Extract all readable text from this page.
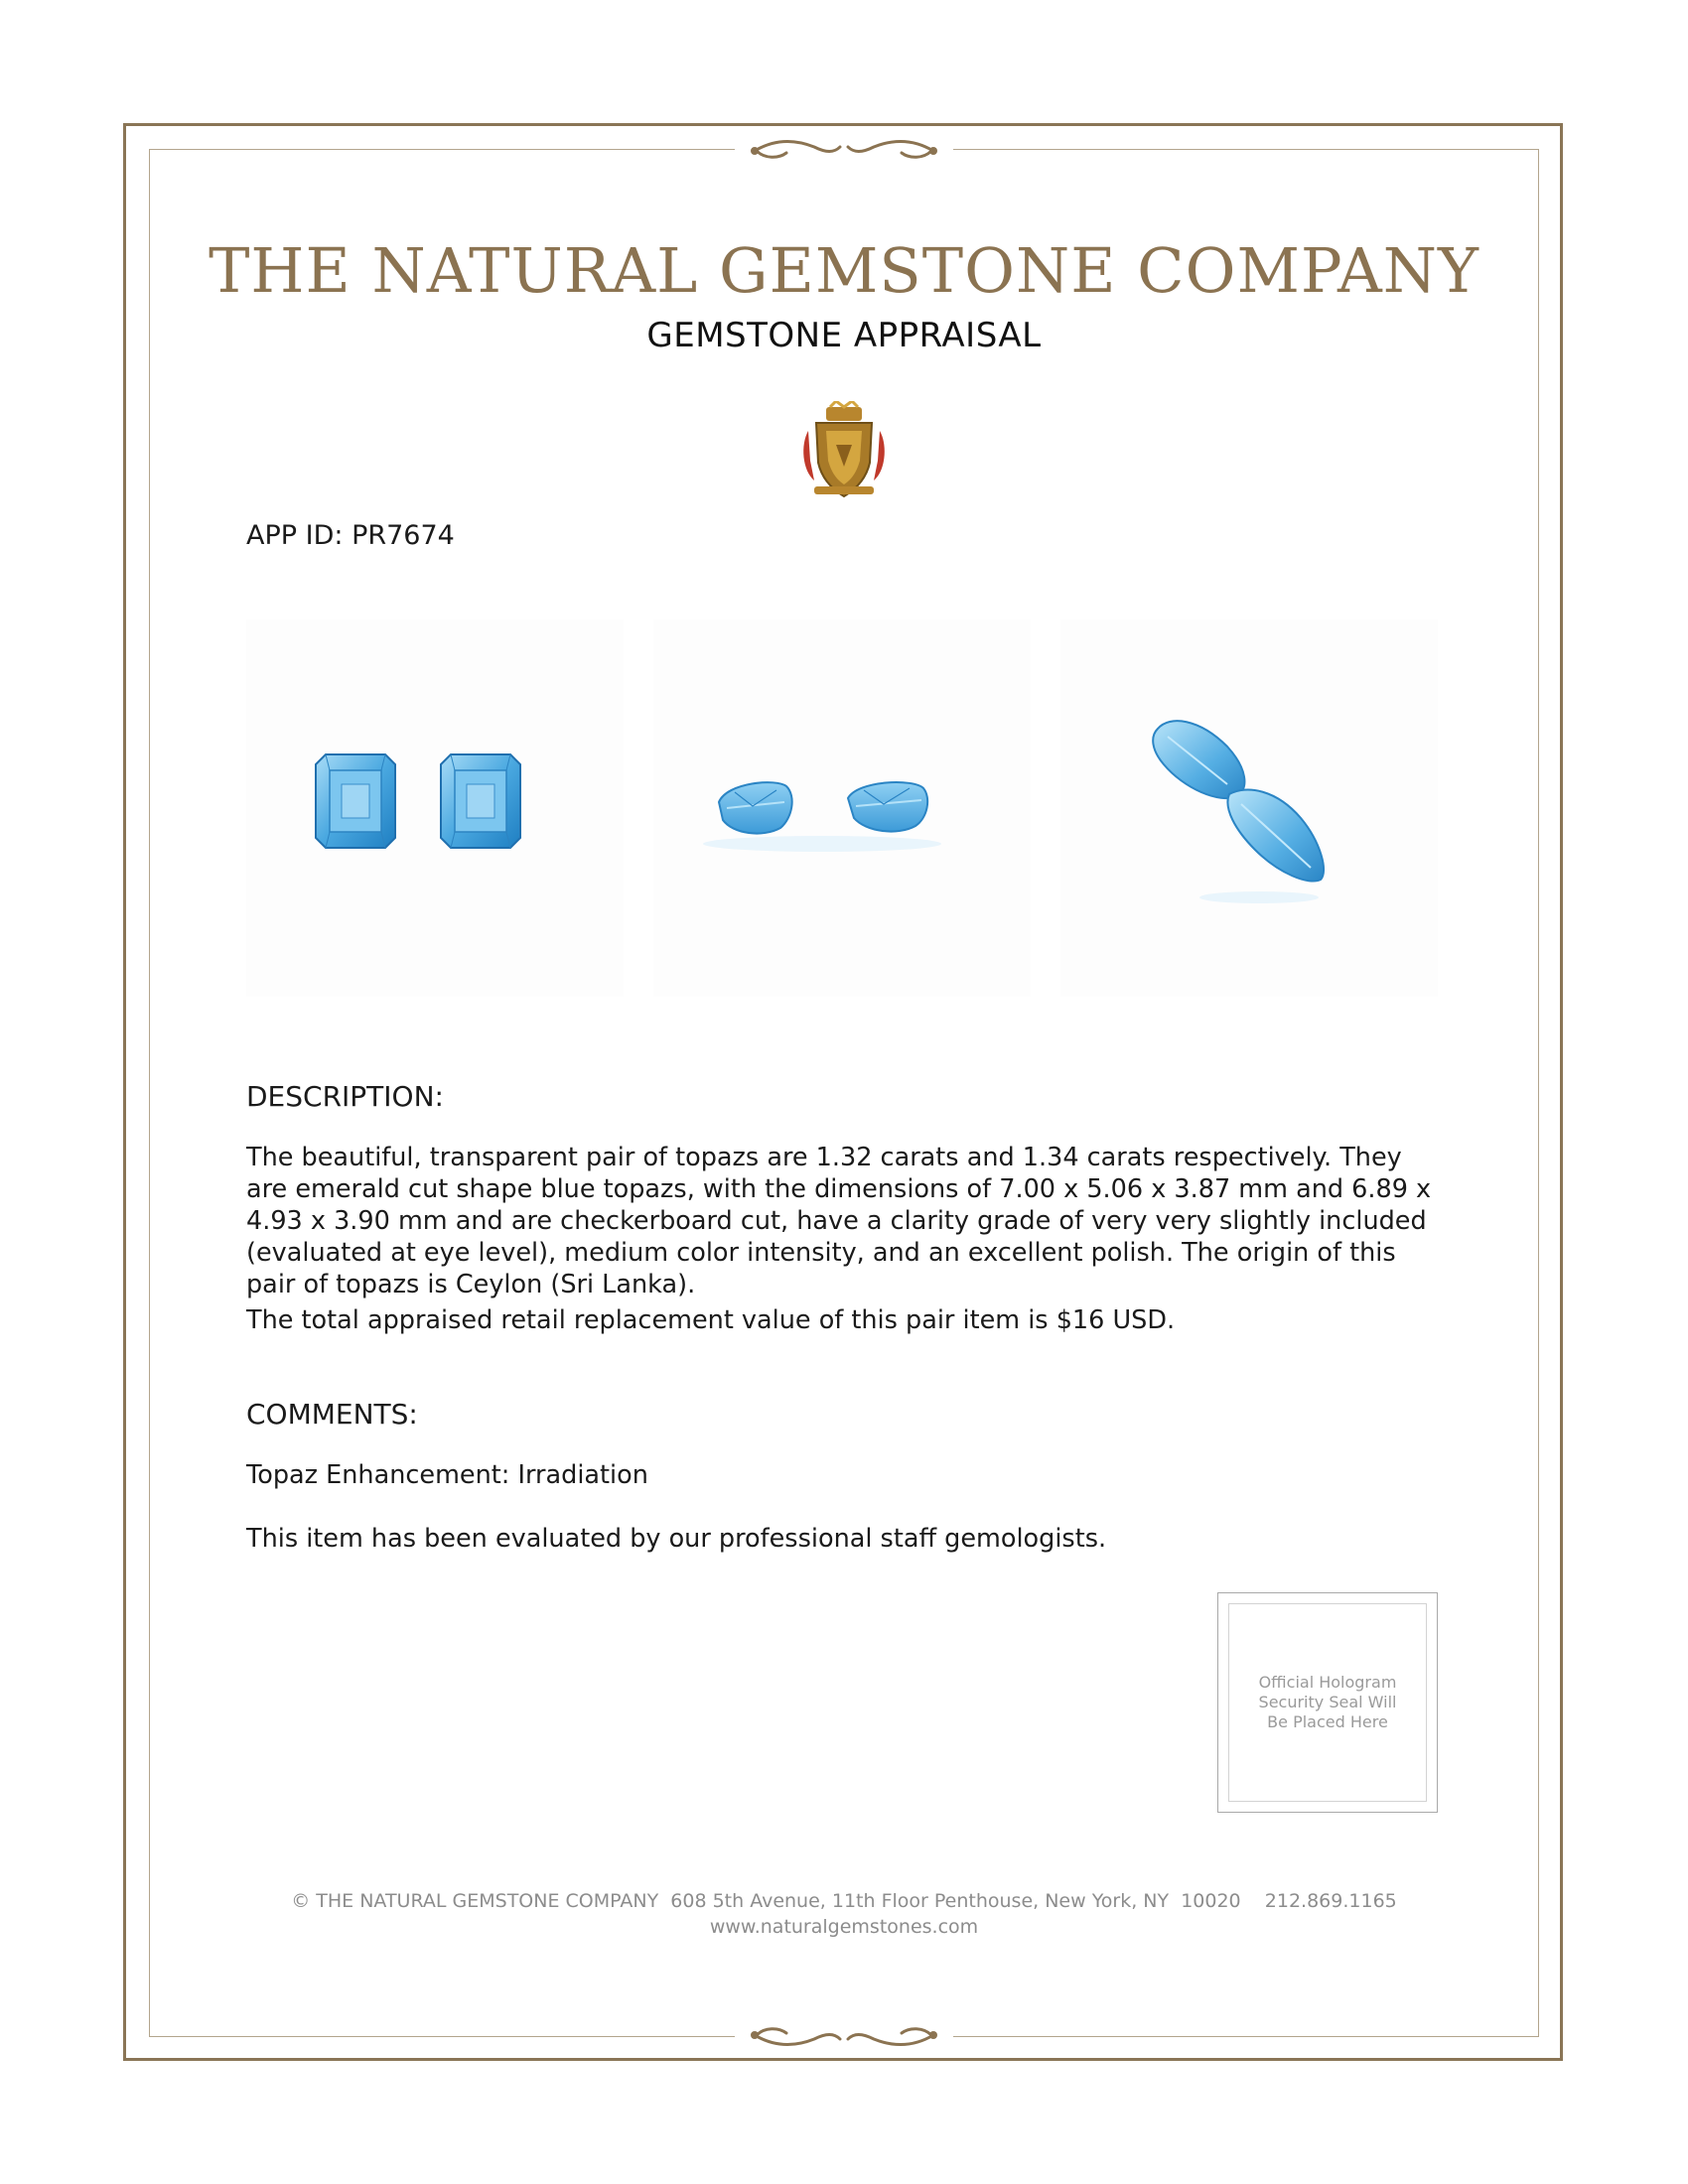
THE NATURAL GEMSTONE COMPANY
GEMSTONE APPRAISAL
APP ID: PR7674
DESCRIPTION:
The beautiful, transparent pair of topazs are 1.32 carats and 1.34 carats respectively. They are emerald cut shape blue topazs, with the dimensions of 7.00 x 5.06 x 3.87 mm and 6.89 x 4.93 x 3.90 mm and are checkerboard cut, have a clarity grade of very very slightly included (evaluated at eye level), medium color intensity, and an excellent polish. The origin of this pair of topazs is Ceylon (Sri Lanka).
The total appraised retail replacement value of this pair item is $16 USD.
COMMENTS:
Topaz Enhancement: Irradiation
This item has been evaluated by our professional staff gemologists.
Official Hologram Security Seal Will Be Placed Here
© THE NATURAL GEMSTONE COMPANY  608 5th Avenue, 11th Floor Penthouse, New York, NY  10020    212.869.1165
www.naturalgemstones.com
